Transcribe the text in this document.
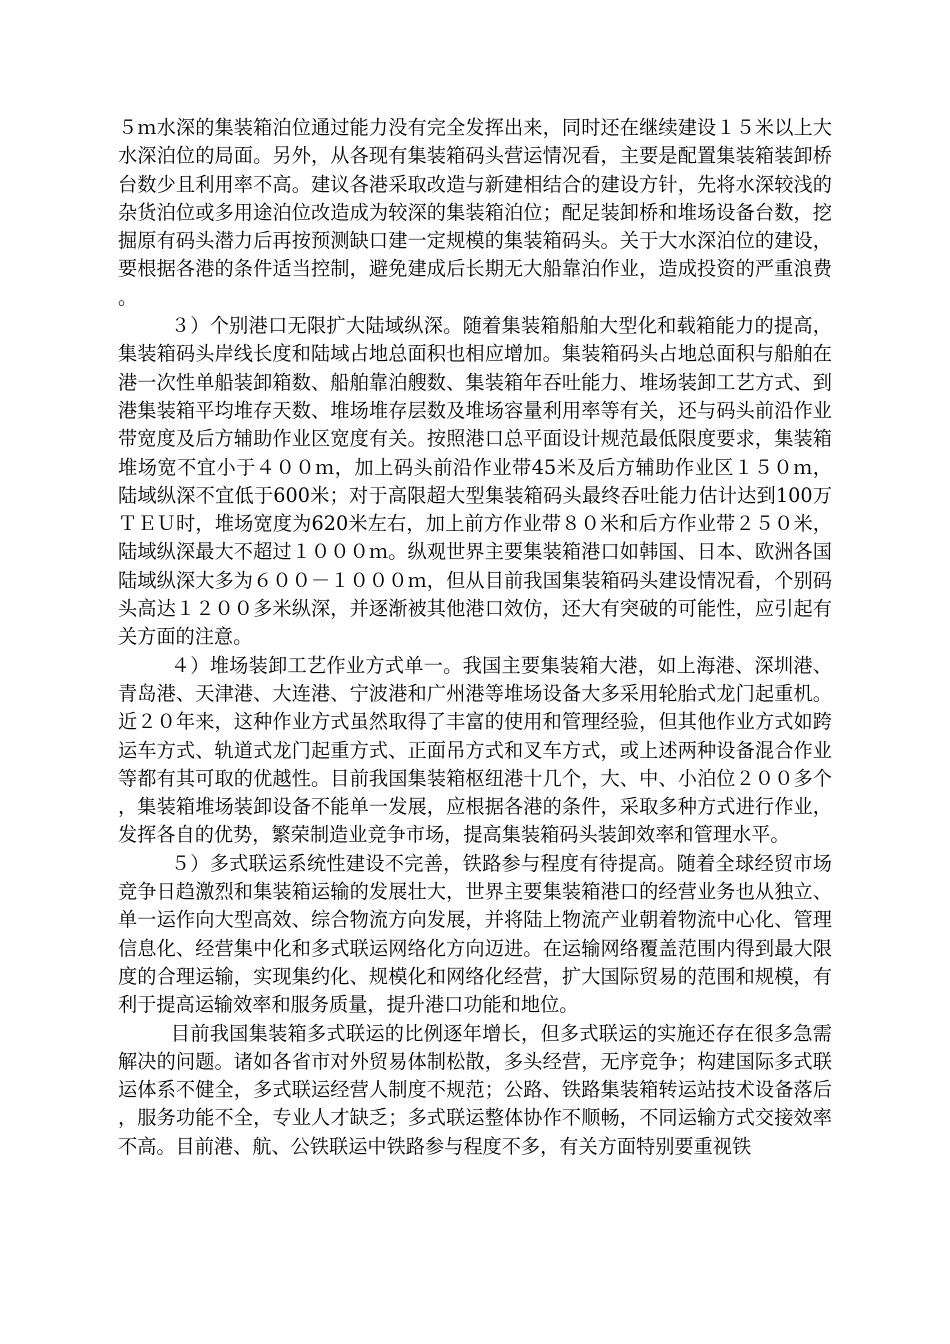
５ｍ水深的集装箱泊位通过能力没有完全发挥出来，同时还在继续建设１５米以上大水深泊位的局面。另外，从各现有集装箱码头营运情况看，主要是配置集装箱装卸桥台数少且利用率不高。建议各港采取改造与新建相结合的建设方针，先将水深较浅的杂货泊位或多用途泊位改造成为较深的集装箱泊位；配足装卸桥和堆场设备台数，挖掘原有码头潜力后再按预测缺口建一定规模的集装箱码头。关于大水深泊位的建设，要根据各港的条件适当控制，避免建成后长期无大船靠泊作业，造成投资的严重浪费。

３）个别港口无限扩大陆域纵深。随着集装箱船舶大型化和载箱能力的提高，集装箱码头岸线长度和陆域占地总面积也相应增加。集装箱码头占地总面积与船舶在港一次性单船装卸箱数、船舶靠泊艘数、集装箱年吞吐能力、堆场装卸工艺方式、到港集装箱平均堆存天数、堆场堆存层数及堆场容量利用率等有关，还与码头前沿作业带宽度及后方辅助作业区宽度有关。按照港口总平面设计规范最低限度要求，集装箱堆场宽不宜小于４００ｍ，加上码头前沿作业带45米及后方辅助作业区１５０ｍ，陆域纵深不宜低于600米；对于高限超大型集装箱码头最终吞吐能力估计达到100万ＴＥＵ时，堆场宽度为620米左右，加上前方作业带８０米和后方作业带２５０米，陆域纵深最大不超过１０００ｍ。纵观世界主要集装箱港口如韩国、日本、欧洲各国陆域纵深大多为６００－１０００ｍ，但从目前我国集装箱码头建设情况看，个别码头高达１２００多米纵深，并逐渐被其他港口效仿，还大有突破的可能性，应引起有关方面的注意。

４）堆场装卸工艺作业方式单一。我国主要集装箱大港，如上海港、深圳港、青岛港、天津港、大连港、宁波港和广州港等堆场设备大多采用轮胎式龙门起重机。近２０年来，这种作业方式虽然取得了丰富的使用和管理经验，但其他作业方式如跨运车方式、轨道式龙门起重方式、正面吊方式和叉车方式，或上述两种设备混合作业等都有其可取的优越性。目前我国集装箱枢纽港十几个，大、中、小泊位２００多个，集装箱堆场装卸设备不能单一发展，应根据各港的条件，采取多种方式进行作业，发挥各自的优势，繁荣制造业竞争市场，提高集装箱码头装卸效率和管理水平。

５）多式联运系统性建设不完善，铁路参与程度有待提高。随着全球经贸市场竞争日趋激烈和集装箱运输的发展壮大，世界主要集装箱港口的经营业务也从独立、单一运作向大型高效、综合物流方向发展，并将陆上物流产业朝着物流中心化、管理信息化、经营集中化和多式联运网络化方向迈进。在运输网络覆盖范围内得到最大限度的合理运输，实现集约化、规模化和网络化经营，扩大国际贸易的范围和规模，有利于提高运输效率和服务质量，提升港口功能和地位。

目前我国集装箱多式联运的比例逐年增长，但多式联运的实施还存在很多急需解决的问题。诸如各省市对外贸易体制松散，多头经营，无序竞争；构建国际多式联运体系不健全，多式联运经营人制度不规范；公路、铁路集装箱转运站技术设备落后，服务功能不全，专业人才缺乏；多式联运整体协作不顺畅，不同运输方式交接效率不高。目前港、航、公铁联运中铁路参与程度不多，有关方面特别要重视铁
